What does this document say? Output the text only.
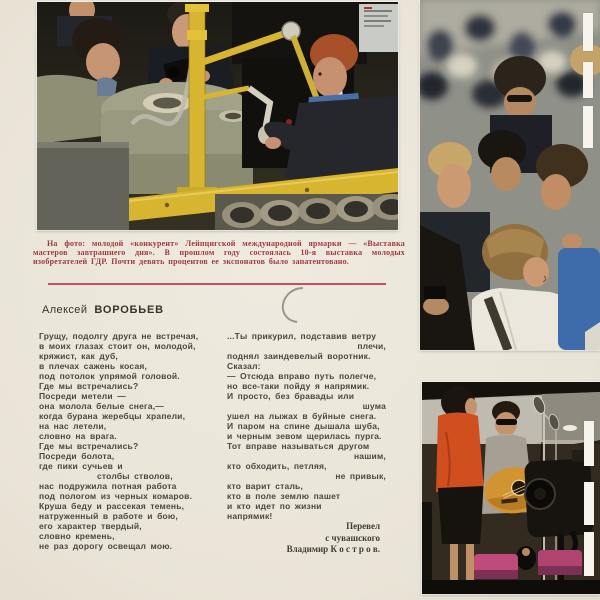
На фото: молодой «конкурент» Лейпцигской международной ярмарки — «Выставка мастеров завтрашнего дня». В прошлом году состоялась 10-я выставка молодых изобретателей ГДР. Почти девять процентов ее экспонатов было запатентовано.

Алексей ВОРОБЬЕВ
Грущу, подолгу друга не встречая,
в моих глазах стоит он, молодой,
кряжист, как дуб,
в плечах сажень косая,
под потолок упрямой головой.
Где мы встречались?
Посреди метели —
она молола белые снега,—
когда бурана жеребцы храпели,
на нас летели,
словно на врага.
Где мы встречались?
Посреди болота,
где пики сучьев и
столбы стволов,
нас подружила потная работа
под пологом из черных комаров.
Круша беду и рассекая темень,
натруженный в работе и бою,
его характер твердый,
словно кремень,
не раз дорогу освещал мою.
...Ты прикурил, подставив ветру
плечи,
поднял заиндевелый воротник.
Сказал:
— Отсюда вправо путь полегче,
но все-таки пойду я напрямик.
И просто, без бравады или
шума
ушел на лыжах в буйные снега.
И паром на спине дышала шуба,
и черным зевом щерилась пурга.
Тот вправе называться другом
нашим,
кто обходить, петляя,
не привык,
кто варит сталь,
кто в поле землю пашет
и кто идет по жизни
напрямик!
Перевел
с чувашского
Владимир К о с т р о в.
